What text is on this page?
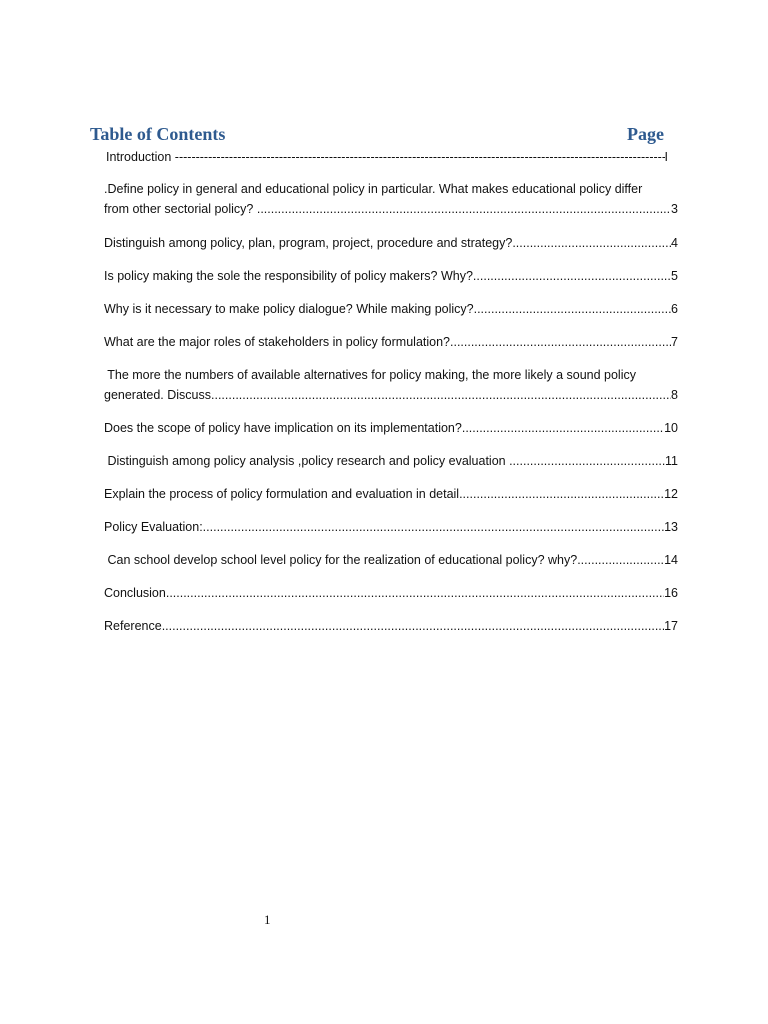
Table of Contents	Page
Introduction -----	I
.Define policy in general and educational policy in particular. What makes educational policy differ
from other sectorial policy? .....	3
Distinguish among policy, plan, program, project, procedure and strategy? .....	4
Is policy making the sole the responsibility of policy makers? Why? .....	5
Why is it necessary to make policy dialogue? While making policy? .....	6
What are the major roles of stakeholders in policy formulation? .....	7
The more the numbers of available alternatives for policy making, the more likely a sound policy
generated. Discuss .....	8
Does the scope of policy have implication on its implementation? .....	10
Distinguish among policy analysis ,policy research and policy evaluation .....	11
Explain the process of policy formulation and evaluation in detail .....	12
Policy Evaluation: .....	13
Can school develop school level policy for the realization of educational policy? why? .....	14
Conclusion .....	16
Reference .....	17
1
